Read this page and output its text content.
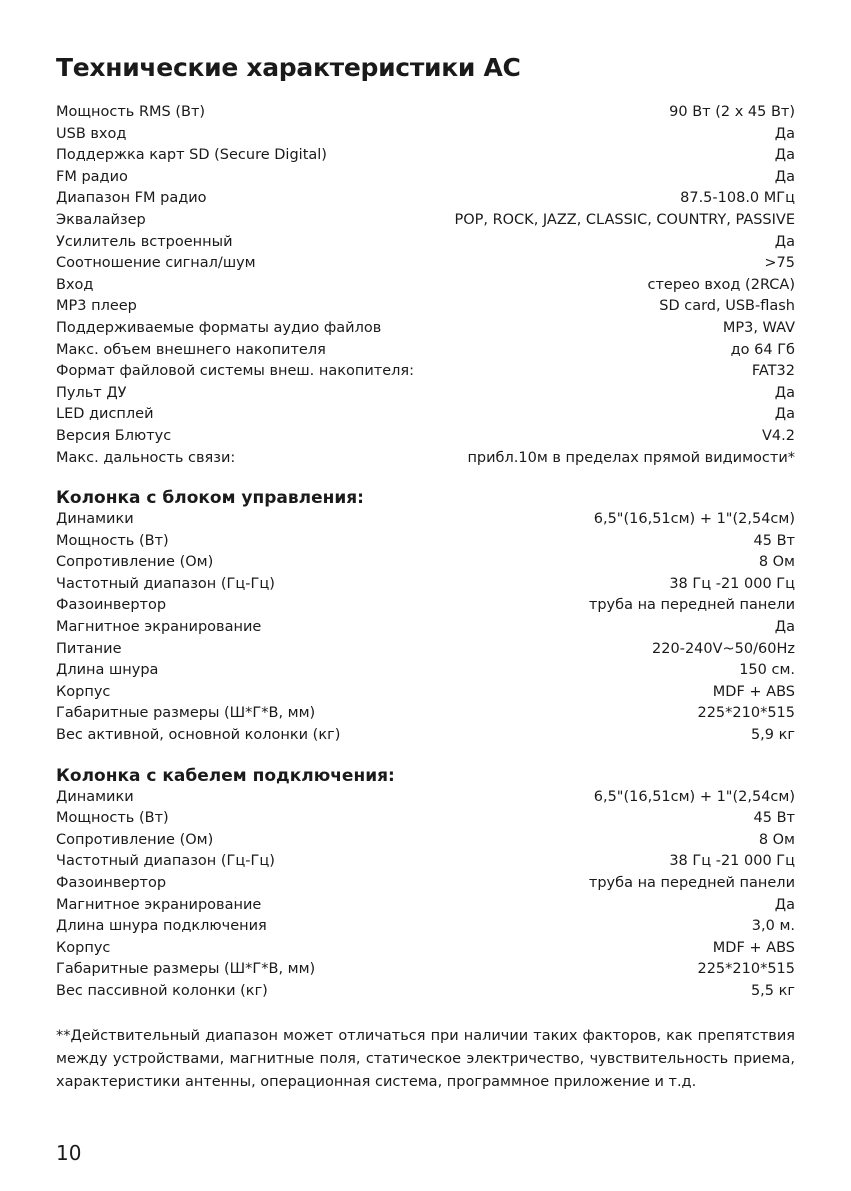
Технические характеристики АС
Мощность RMS (Вт)	90 Вт (2 x 45 Вт)
USB вход	Да
Поддержка карт SD (Secure Digital)	Да
FM радио	Да
Диапазон FM радио	87.5-108.0 МГц
Эквалайзер	POP, ROCK, JAZZ, CLASSIC, COUNTRY, PASSIVE
Усилитель встроенный	Да
Соотношение сигнал/шум	>75
Вход	стерео вход (2RCA)
MP3 плеер	SD card, USB-flash
Поддерживаемые форматы аудио файлов	MP3, WAV
Макс. объем внешнего накопителя	до 64 Гб
Формат файловой системы внеш. накопителя:	FAT32
Пульт ДУ	Да
LED дисплей	Да
Версия Блютус	V4.2
Макс. дальность связи:	прибл.10м в пределах прямой видимости*
Колонка с блоком управления:
Динамики	6,5"(16,51см) + 1"(2,54см)
Мощность (Вт)	45 Вт
Сопротивление (Ом)	8 Ом
Частотный диапазон (Гц-Гц)	38 Гц -21 000 Гц
Фазоинвертор	труба на передней панели
Магнитное экранирование	Да
Питание	220-240V~50/60Hz
Длина шнура	150 см.
Корпус	MDF + ABS
Габаритные размеры (Ш*Г*В, мм)	225*210*515
Вес активной, основной колонки (кг)	5,9 кг
Колонка с кабелем подключения:
Динамики	6,5"(16,51см) + 1"(2,54см)
Мощность (Вт)	45 Вт
Сопротивление (Ом)	8 Ом
Частотный диапазон (Гц-Гц)	38 Гц -21 000 Гц
Фазоинвертор	труба на передней панели
Магнитное экранирование	Да
Длина шнура подключения	3,0 м.
Корпус	MDF + ABS
Габаритные размеры (Ш*Г*В, мм)	225*210*515
Вес пассивной колонки (кг)	5,5 кг
**Действительный диапазон может отличаться при наличии таких факторов, как препятствия между устройствами, магнитные поля, статическое электричество, чувствительность приема, характеристики антенны, операционная система, программное приложение и т.д.
10
